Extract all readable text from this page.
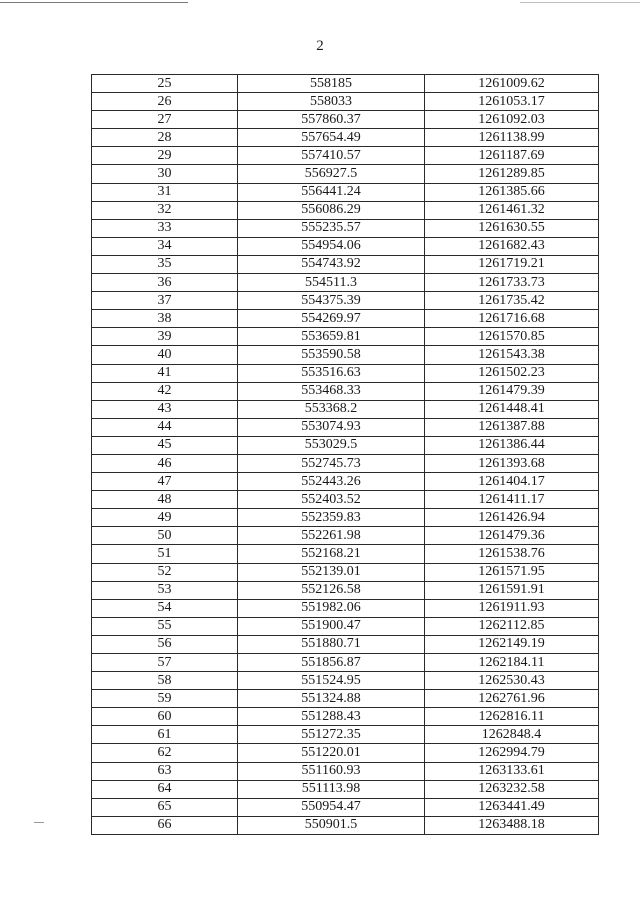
2
25	558185	1261009.62
26	558033	1261053.17
27	557860.37	1261092.03
28	557654.49	1261138.99
29	557410.57	1261187.69
30	556927.5	1261289.85
31	556441.24	1261385.66
32	556086.29	1261461.32
33	555235.57	1261630.55
34	554954.06	1261682.43
35	554743.92	1261719.21
36	554511.3	1261733.73
37	554375.39	1261735.42
38	554269.97	1261716.68
39	553659.81	1261570.85
40	553590.58	1261543.38
41	553516.63	1261502.23
42	553468.33	1261479.39
43	553368.2	1261448.41
44	553074.93	1261387.88
45	553029.5	1261386.44
46	552745.73	1261393.68
47	552443.26	1261404.17
48	552403.52	1261411.17
49	552359.83	1261426.94
50	552261.98	1261479.36
51	552168.21	1261538.76
52	552139.01	1261571.95
53	552126.58	1261591.91
54	551982.06	1261911.93
55	551900.47	1262112.85
56	551880.71	1262149.19
57	551856.87	1262184.11
58	551524.95	1262530.43
59	551324.88	1262761.96
60	551288.43	1262816.11
61	551272.35	1262848.4
62	551220.01	1262994.79
63	551160.93	1263133.61
64	551113.98	1263232.58
65	550954.47	1263441.49
66	550901.5	1263488.18
